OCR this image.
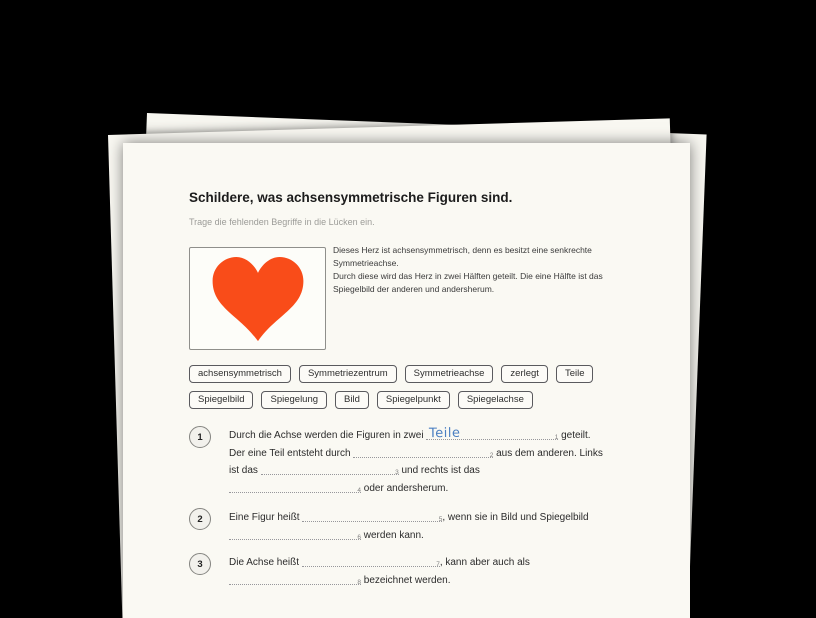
Schildere, was achsensymmetrische Figuren sind.

Trage die fehlenden Begriffe in die Lücken ein.

Dieses Herz ist achsensymmetrisch, denn es besitzt eine senkrechte
Symmetrieachse.
Durch diese wird das Herz in zwei Hälften geteilt. Die eine Hälfte ist das
Spiegelbild der anderen und andersherum.
achsensymmetrisch	Symmetriezentrum	Symmetrieachse	zerlegt	Teile
Spiegelbild	Spiegelung	Bild	Spiegelpunkt	Spiegelachse
1	Durch die Achse werden die Figuren in zwei Teile	1 geteilt.
Der eine Teil entsteht durch	2 aus dem anderen. Links
ist das	3 und rechts ist das
4 oder andersherum.
2	Eine Figur heißt	5 , wenn sie in Bild und Spiegelbild
6 werden kann.
3	Die Achse heißt	7 , kann aber auch als
8 bezeichnet werden.
